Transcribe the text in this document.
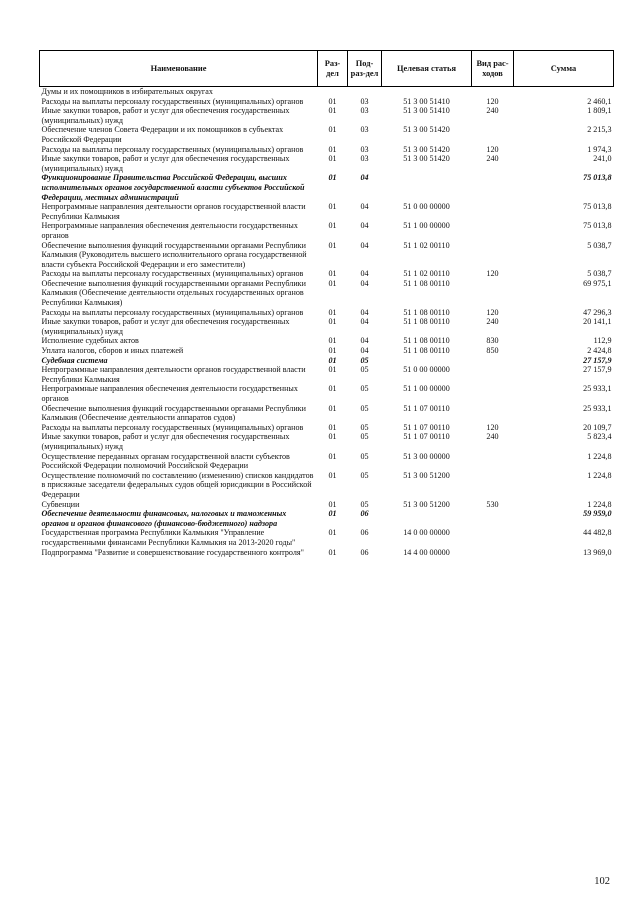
Наименование	Раз-дел	Под-раз-дел	Целевая статья	Вид рас-ходов	Сумма
Думы и их помощников в избирательных округах					
Расходы на выплаты персоналу государственных (муниципальных) органов	01	03	51 3 00 51410	120	2 460,1
Иные закупки товаров, работ и услуг для обеспечения государственных (муниципальных) нужд	01	03	51 3 00 51410	240	1 809,1
Обеспечение членов Совета Федерации и их помощников в субъектах Российской Федерации	01	03	51 3 00 51420		2 215,3
Расходы на выплаты персоналу государственных (муниципальных) органов	01	03	51 3 00 51420	120	1 974,3
Иные закупки товаров, работ и услуг для обеспечения государственных (муниципальных) нужд	01	03	51 3 00 51420	240	241,0
Функционирование Правительства Российской Федерации, высших исполнительных органов государственной власти субъектов Российской Федерации, местных администраций	01	04			75 013,8
Непрограммные направления деятельности органов государственной власти Республики Калмыкия	01	04	51 0 00 00000		75 013,8
Непрограммные направления обеспечения деятельности государственных органов	01	04	51 1 00 00000		75 013,8
Обеспечение выполнения функций государственными органами Республики Калмыкия (Руководитель высшего исполнительного органа государственной власти субъекта Российской Федерации и его заместители)	01	04	51 1 02 00110		5 038,7
Расходы на выплаты персоналу государственных (муниципальных) органов	01	04	51 1 02 00110	120	5 038,7
Обеспечение выполнения функций государственными органами Республики Калмыкия (Обеспечение деятельности отдельных государственных органов Республики Калмыкия)	01	04	51 1 08 00110		69 975,1
Расходы на выплаты персоналу государственных (муниципальных) органов	01	04	51 1 08 00110	120	47 296,3
Иные закупки товаров, работ и услуг для обеспечения государственных (муниципальных) нужд	01	04	51 1 08 00110	240	20 141,1
Исполнение судебных актов	01	04	51 1 08 00110	830	112,9
Уплата налогов, сборов и иных платежей	01	04	51 1 08 00110	850	2 424,8
Судебная система	01	05			27 157,9
Непрограммные направления деятельности органов государственной власти Республики Калмыкия	01	05	51 0 00 00000		27 157,9
Непрограммные направления обеспечения деятельности государственных органов	01	05	51 1 00 00000		25 933,1
Обеспечение выполнения функций государственными органами Республики Калмыкия (Обеспечение деятельности аппаратов судов)	01	05	51 1 07 00110		25 933,1
Расходы на выплаты персоналу государственных (муниципальных) органов	01	05	51 1 07 00110	120	20 109,7
Иные закупки товаров, работ и услуг для обеспечения государственных (муниципальных) нужд	01	05	51 1 07 00110	240	5 823,4
Осуществление переданных органам государственной власти субъектов Российской Федерации полномочий Российской Федерации	01	05	51 3 00 00000		1 224,8
Осуществление полномочий по составлению (изменению) списков кандидатов в присяжные заседатели федеральных судов общей юрисдикции в Российской Федерации	01	05	51 3 00 51200		1 224,8
Субвенции	01	05	51 3 00 51200	530	1 224,8
Обеспечение деятельности финансовых, налоговых и таможенных органов и органов финансового (финансово-бюджетного) надзора	01	06			59 959,0
Государственная программа Республики Калмыкия "Управление государственными финансами Республики Калмыкия на 2013-2020 годы"	01	06	14 0 00 00000		44 482,8
Подпрограмма "Развитие и совершенствование государственного контроля"	01	06	14 4 00 00000		13 969,0
102
